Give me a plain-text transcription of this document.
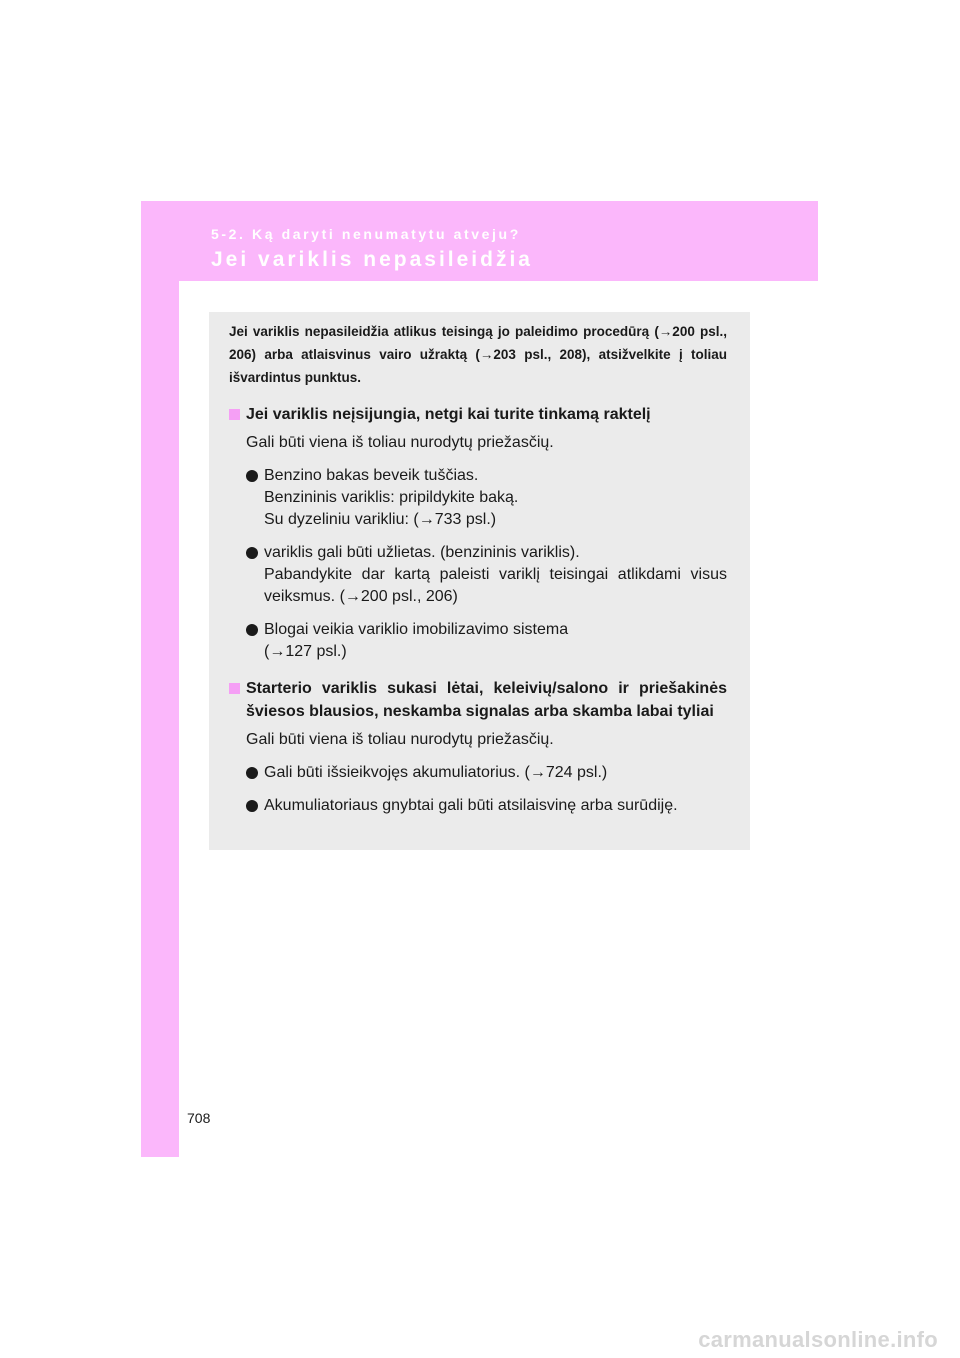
5-2. Ką daryti nenumatytu atveju?
Jei variklis nepasileidžia

Jei variklis nepasileidžia atlikus teisingą jo paleidimo procedūrą (→200 psl., 206) arba atlaisvinus vairo užraktą (→203 psl., 208), atsižvelkite į toliau išvardintus punktus.

Jei variklis neįsijungia, netgi kai turite tinkamą raktelį
Gali būti viena iš toliau nurodytų priežasčių.
Benzino bakas beveik tuščias.
Benzininis variklis: pripildykite baką.
Su dyzeliniu varikliu: (→733 psl.)
variklis gali būti užlietas. (benzininis variklis).
Pabandykite dar kartą paleisti variklį teisingai atlikdami visus veiksmus. (→200 psl., 206)
Blogai veikia variklio imobilizavimo sistema
(→127 psl.)
Starterio variklis sukasi lėtai, keleivių/salono ir priešakinės šviesos blausios, neskamba signalas arba skamba labai tyliai
Gali būti viena iš toliau nurodytų priežasčių.
Gali būti išsieikvojęs akumuliatorius. (→724 psl.)
Akumuliatoriaus gnybtai gali būti atsilaisvinę arba surūdiję.
708
carmanualsonline.info
